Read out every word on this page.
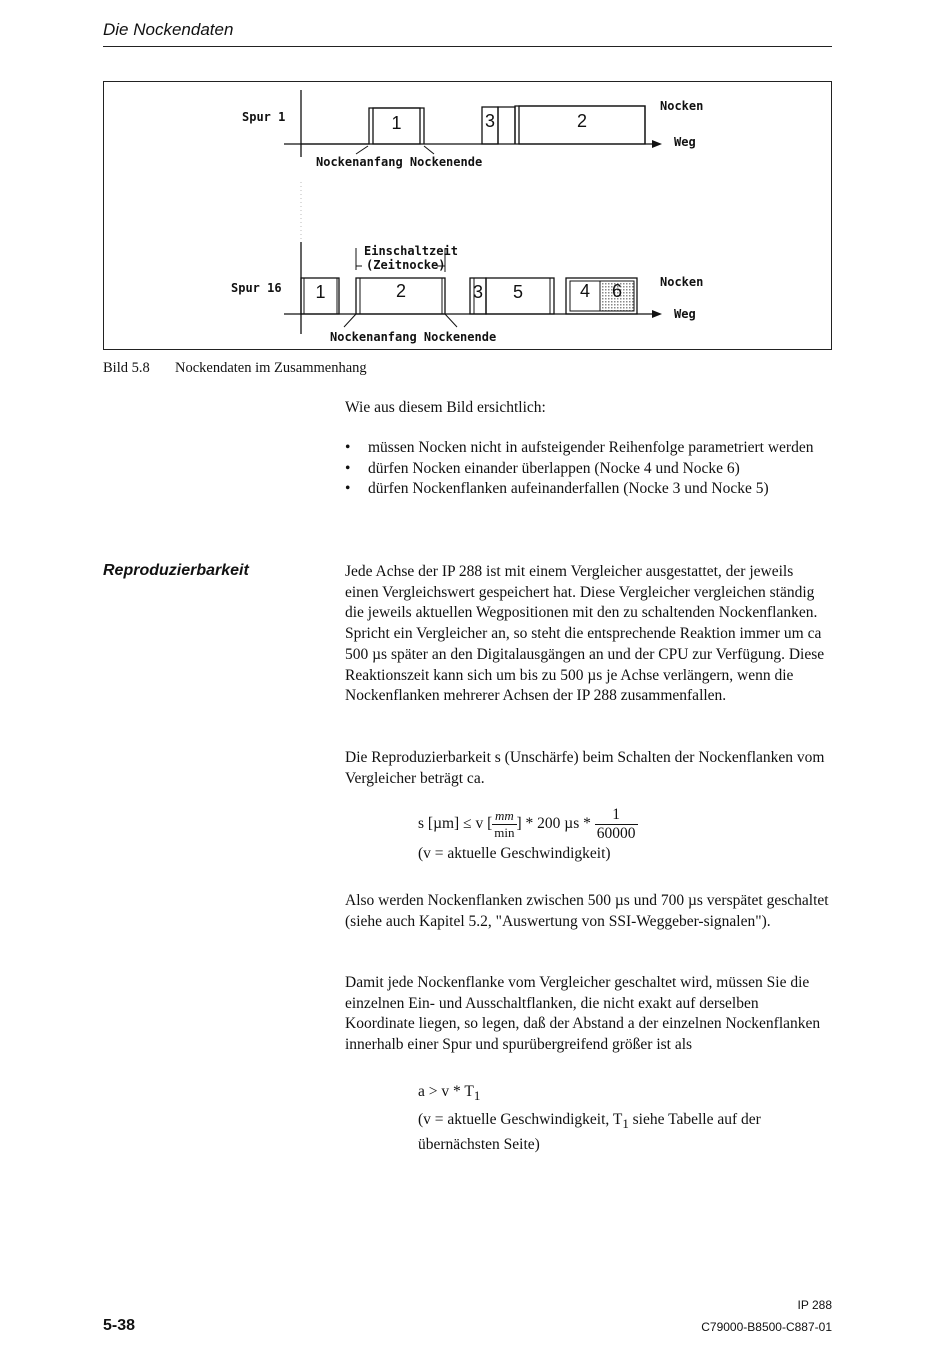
Die Nockendaten
Spur 1	1	3	2
Nocken
Weg
Nockenanfang Nockenende
Einschaltzeit
(Zeitnocke)
Spur 16	1	2	3	5	4	6	Nocken
Weg
Nockenanfang Nockenende
Bild 5.8 Nockendaten im Zusammenhang
Wie aus diesem Bild ersichtlich:
• müssen Nocken nicht in aufsteigender Reihenfolge parametriert werden
• dürfen Nocken einander überlappen (Nocke 4 und Nocke 6)
• dürfen Nockenflanken aufeinanderfallen (Nocke 3 und Nocke 5)
Reproduzierbarkeit	Jede Achse der IP 288 ist mit einem Vergleicher ausgestattet, der jeweils einen Vergleichswert gespeichert hat. Diese Vergleicher vergleichen ständig die jeweils aktuellen Wegpositionen mit den zu schaltenden Nockenflanken. Spricht ein Vergleicher an, so steht die entsprechende Reaktion immer um ca 500 µs später an den Digitalausgängen an und der CPU zur Verfügung. Diese Reaktionszeit kann sich um bis zu 500 µs je Achse verlängern, wenn die Nockenflanken mehrerer Achsen der IP 288 zusammenfallen.
Die Reproduzierbarkeit s (Unschärfe) beim Schalten der Nockenflanken vom Vergleicher beträgt ca.
s [µm] ≤ v [ $\frac{mm}{\min}$ ] * 200 µs * $\frac{1}{60000}$
(v = aktuelle Geschwindigkeit)
Also werden Nockenflanken zwischen 500 µs und 700 µs verspätet geschaltet (siehe auch Kapitel 5.2, "Auswertung von SSI-Weggeber-signalen").
Damit jede Nockenflanke vom Vergleicher geschaltet wird, müssen Sie die einzelnen Ein- und Ausschaltflanken, die nicht exakt auf derselben Koordinate liegen, so legen, daß der Abstand a der einzelnen Nockenflanken innerhalb einer Spur und spurübergreifend größer ist als
$a > v * T_1$
(v = aktuelle Geschwindigkeit, $T_1$ siehe Tabelle auf der übernächsten Seite)
5-38
IP 288
C79000-B8500-C887-01
